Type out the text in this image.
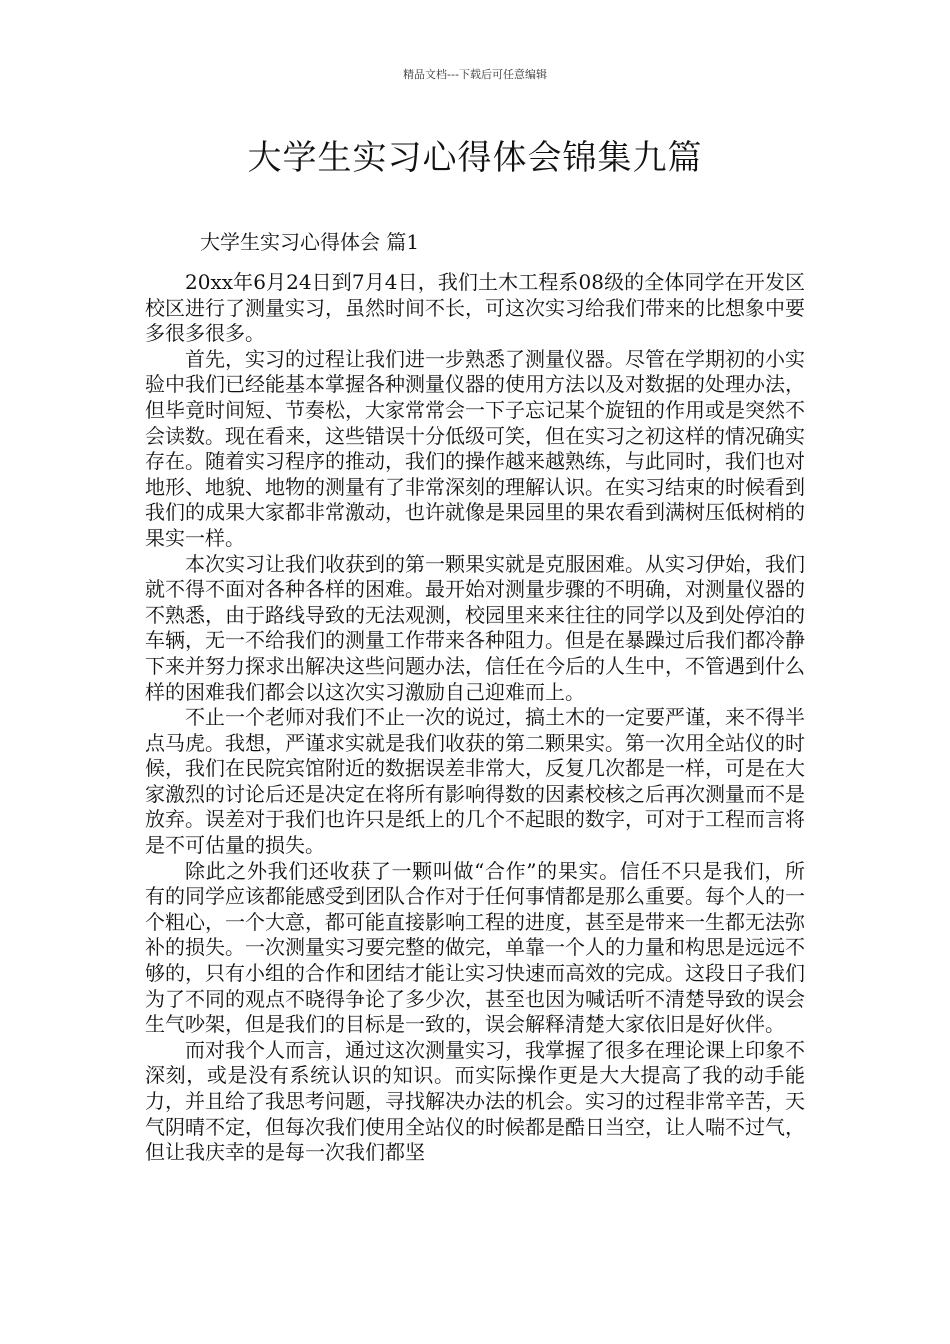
精品文档---下载后可任意编辑
大学生实习心得体会锦集九篇
大学生实习心得体会 篇1

20xx年6月24日到7月4日，我们土木工程系08级的全体同学在开发区校区进行了测量实习，虽然时间不长，可这次实习给我们带来的比想象中要多很多很多。

首先，实习的过程让我们进一步熟悉了测量仪器。尽管在学期初的小实验中我们已经能基本掌握各种测量仪器的使用方法以及对数据的处理办法，但毕竟时间短、节奏松，大家常常会一下子忘记某个旋钮的作用或是突然不会读数。现在看来，这些错误十分低级可笑，但在实习之初这样的情况确实存在。随着实习程序的推动，我们的操作越来越熟练，与此同时，我们也对地形、地貌、地物的测量有了非常深刻的理解认识。在实习结束的时候看到我们的成果大家都非常激动，也许就像是果园里的果农看到满树压低树梢的果实一样。

本次实习让我们收获到的第一颗果实就是克服困难。从实习伊始，我们就不得不面对各种各样的困难。最开始对测量步骤的不明确，对测量仪器的不熟悉，由于路线导致的无法观测，校园里来来往往的同学以及到处停泊的车辆，无一不给我们的测量工作带来各种阻力。但是在暴躁过后我们都冷静下来并努力探求出解决这些问题办法，信任在今后的人生中，不管遇到什么样的困难我们都会以这次实习激励自己迎难而上。

不止一个老师对我们不止一次的说过，搞土木的一定要严谨，来不得半点马虎。我想，严谨求实就是我们收获的第二颗果实。第一次用全站仪的时候，我们在民院宾馆附近的数据误差非常大，反复几次都是一样，可是在大家激烈的讨论后还是决定在将所有影响得数的因素校核之后再次测量而不是放弃。误差对于我们也许只是纸上的几个不起眼的数字，可对于工程而言将是不可估量的损失。

除此之外我们还收获了一颗叫做“合作”的果实。信任不只是我们，所有的同学应该都能感受到团队合作对于任何事情都是那么重要。每个人的一个粗心，一个大意，都可能直接影响工程的进度，甚至是带来一生都无法弥补的损失。一次测量实习要完整的做完，单靠一个人的力量和构思是远远不够的，只有小组的合作和团结才能让实习快速而高效的完成。这段日子我们为了不同的观点不晓得争论了多少次，甚至也因为喊话听不清楚导致的误会生气吵架，但是我们的目标是一致的，误会解释清楚大家依旧是好伙伴。

而对我个人而言，通过这次测量实习，我掌握了很多在理论课上印象不深刻，或是没有系统认识的知识。而实际操作更是大大提高了我的动手能力，并且给了我思考问题，寻找解决办法的机会。实习的过程非常辛苦，天气阴晴不定，但每次我们使用全站仪的时候都是酷日当空，让人喘不过气，但让我庆幸的是每一次我们都坚
